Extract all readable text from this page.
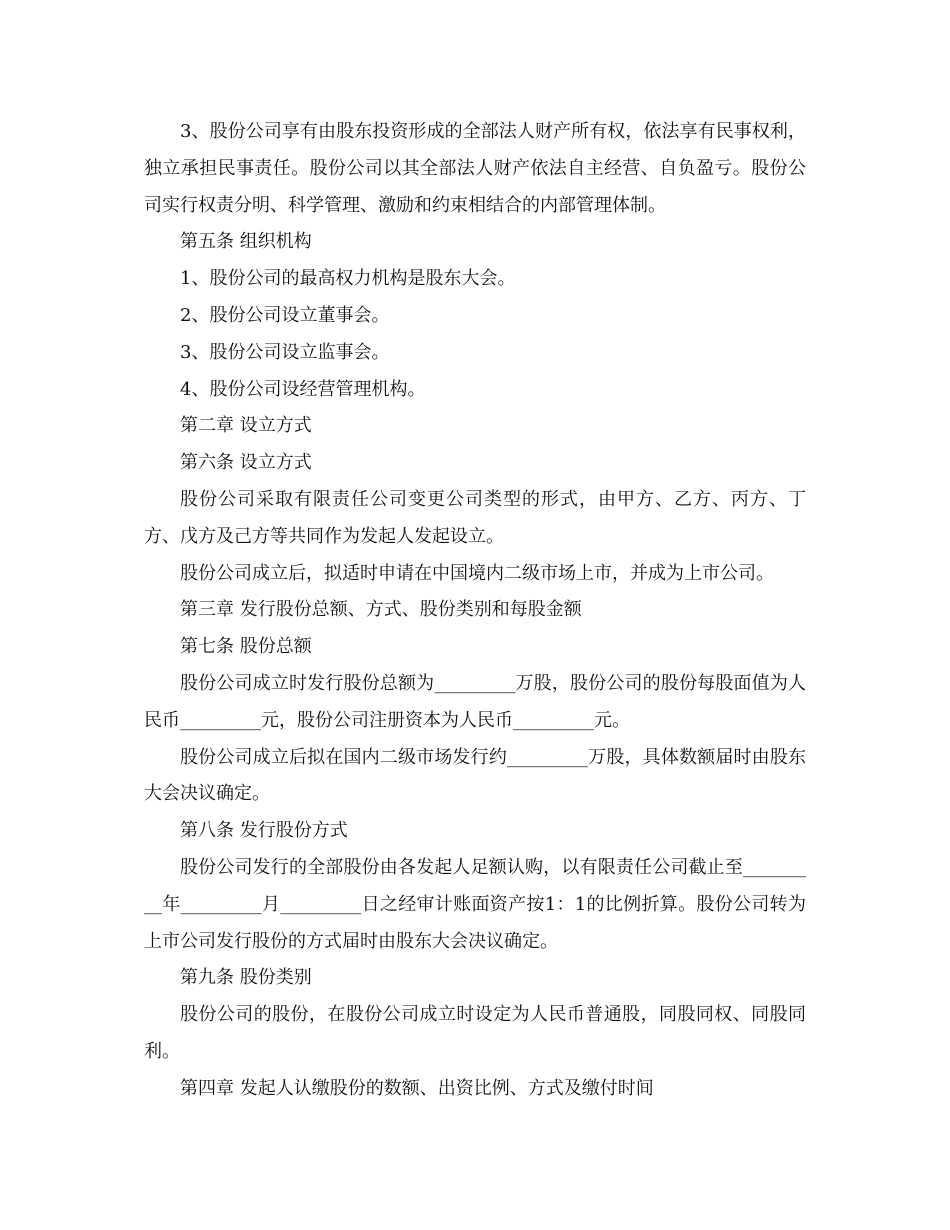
3、股份公司享有由股东投资形成的全部法人财产所有权，依法享有民事权利，独立承担民事责任。股份公司以其全部法人财产依法自主经营、自负盈亏。股份公司实行权责分明、科学管理、激励和约束相结合的内部管理体制。

第五条 组织机构

1、股份公司的最高权力机构是股东大会。

2、股份公司设立董事会。

3、股份公司设立监事会。

4、股份公司设经营管理机构。

第二章 设立方式

第六条 设立方式

股份公司采取有限责任公司变更公司类型的形式，由甲方、乙方、丙方、丁方、戊方及己方等共同作为发起人发起设立。

股份公司成立后，拟适时申请在中国境内二级市场上市，并成为上市公司。

第三章 发行股份总额、方式、股份类别和每股金额

第七条 股份总额

股份公司成立时发行股份总额为_________万股，股份公司的股份每股面值为人民币_________元，股份公司注册资本为人民币_________元。

股份公司成立后拟在国内二级市场发行约_________万股，具体数额届时由股东大会决议确定。

第八条 发行股份方式

股份公司发行的全部股份由各发起人足额认购，以有限责任公司截止至_________年_________月_________日之经审计账面资产按1：1的比例折算。股份公司转为上市公司发行股份的方式届时由股东大会决议确定。

第九条 股份类别

股份公司的股份，在股份公司成立时设定为人民币普通股，同股同权、同股同利。

第四章 发起人认缴股份的数额、出资比例、方式及缴付时间
